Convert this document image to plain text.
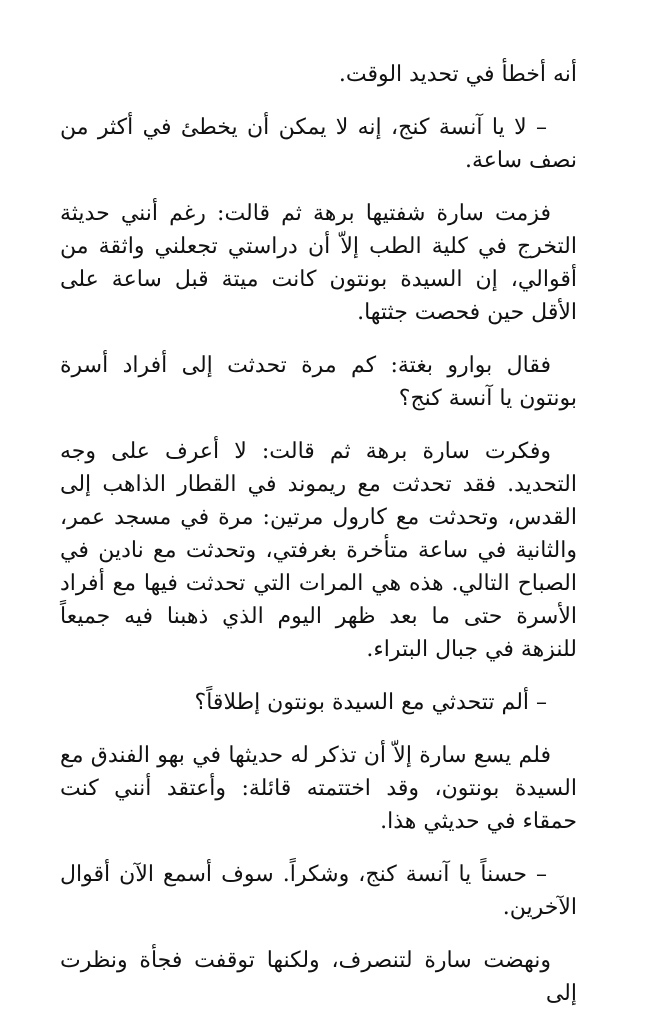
أنه أخطأ في تحديد الوقت.

– لا يا آنسة كنج، إنه لا يمكن أن يخطئ في أكثر من نصف ساعة.

فزمت سارة شفتيها برهة ثم قالت: رغم أنني حديثة التخرج في كلية الطب إلاّ أن دراستي تجعلني واثقة من أقوالي، إن السيدة بونتون كانت ميتة قبل ساعة على الأقل حين فحصت جثتها.

فقال بوارو بغتة: كم مرة تحدثت إلى أفراد أسرة بونتون يا آنسة كنج؟

وفكرت سارة برهة ثم قالت: لا أعرف على وجه التحديد. فقد تحدثت مع ريموند في القطار الذاهب إلى القدس، وتحدثت مع كارول مرتين: مرة في مسجد عمر، والثانية في ساعة متأخرة بغرفتي، وتحدثت مع نادين في الصباح التالي. هذه هي المرات التي تحدثت فيها مع أفراد الأسرة حتى ما بعد ظهر اليوم الذي ذهبنا فيه جميعاً للنزهة في جبال البتراء.

– ألم تتحدثي مع السيدة بونتون إطلاقاً؟

فلم يسع سارة إلاّ أن تذكر له حديثها في بهو الفندق مع السيدة بونتون، وقد اختتمته قائلة: وأعتقد أنني كنت حمقاء في حديثي هذا.

– حسناً يا آنسة كنج، وشكراً. سوف أسمع الآن أقوال الآخرين.

ونهضت سارة لتنصرف، ولكنها توقفت فجأة ونظرت إلى
